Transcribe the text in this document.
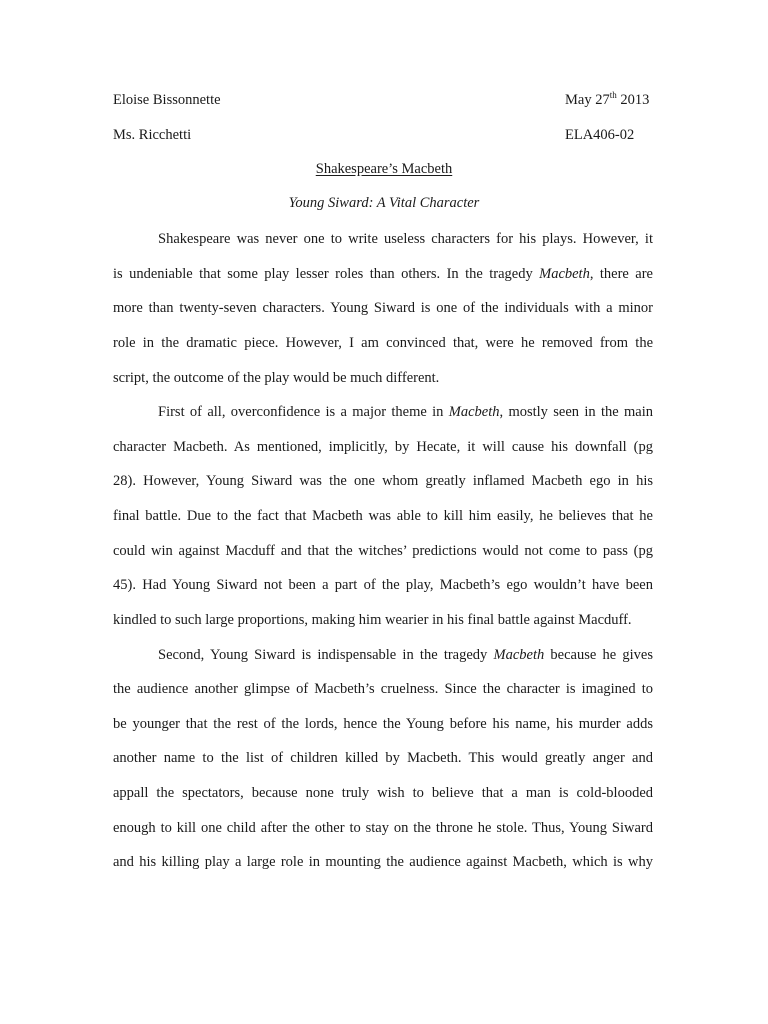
Eloise Bissonnette	May 27th 2013
Ms. Ricchetti	ELA406-02
Shakespeare’s Macbeth
Young Siward: A Vital Character
Shakespeare was never one to write useless characters for his plays. However, it
is undeniable that some play lesser roles than others. In the tragedy Macbeth, there are
more than twenty-seven characters. Young Siward is one of the individuals with a minor
role in the dramatic piece. However, I am convinced that, were he removed from the
script, the outcome of the play would be much different.
First of all, overconfidence is a major theme in Macbeth, mostly seen in the main
character Macbeth. As mentioned, implicitly, by Hecate, it will cause his downfall (pg
28). However, Young Siward was the one whom greatly inflamed Macbeth ego in his
final battle. Due to the fact that Macbeth was able to kill him easily, he believes that he
could win against Macduff and that the witches’ predictions would not come to pass (pg
45). Had Young Siward not been a part of the play, Macbeth’s ego wouldn’t have been
kindled to such large proportions, making him wearier in his final battle against Macduff.
Second, Young Siward is indispensable in the tragedy Macbeth because he gives
the audience another glimpse of Macbeth’s cruelness. Since the character is imagined to
be younger that the rest of the lords, hence the Young before his name, his murder adds
another name to the list of children killed by Macbeth. This would greatly anger and
appall the spectators, because none truly wish to believe that a man is cold-blooded
enough to kill one child after the other to stay on the throne he stole. Thus, Young Siward
and his killing play a large role in mounting the audience against Macbeth, which is why
